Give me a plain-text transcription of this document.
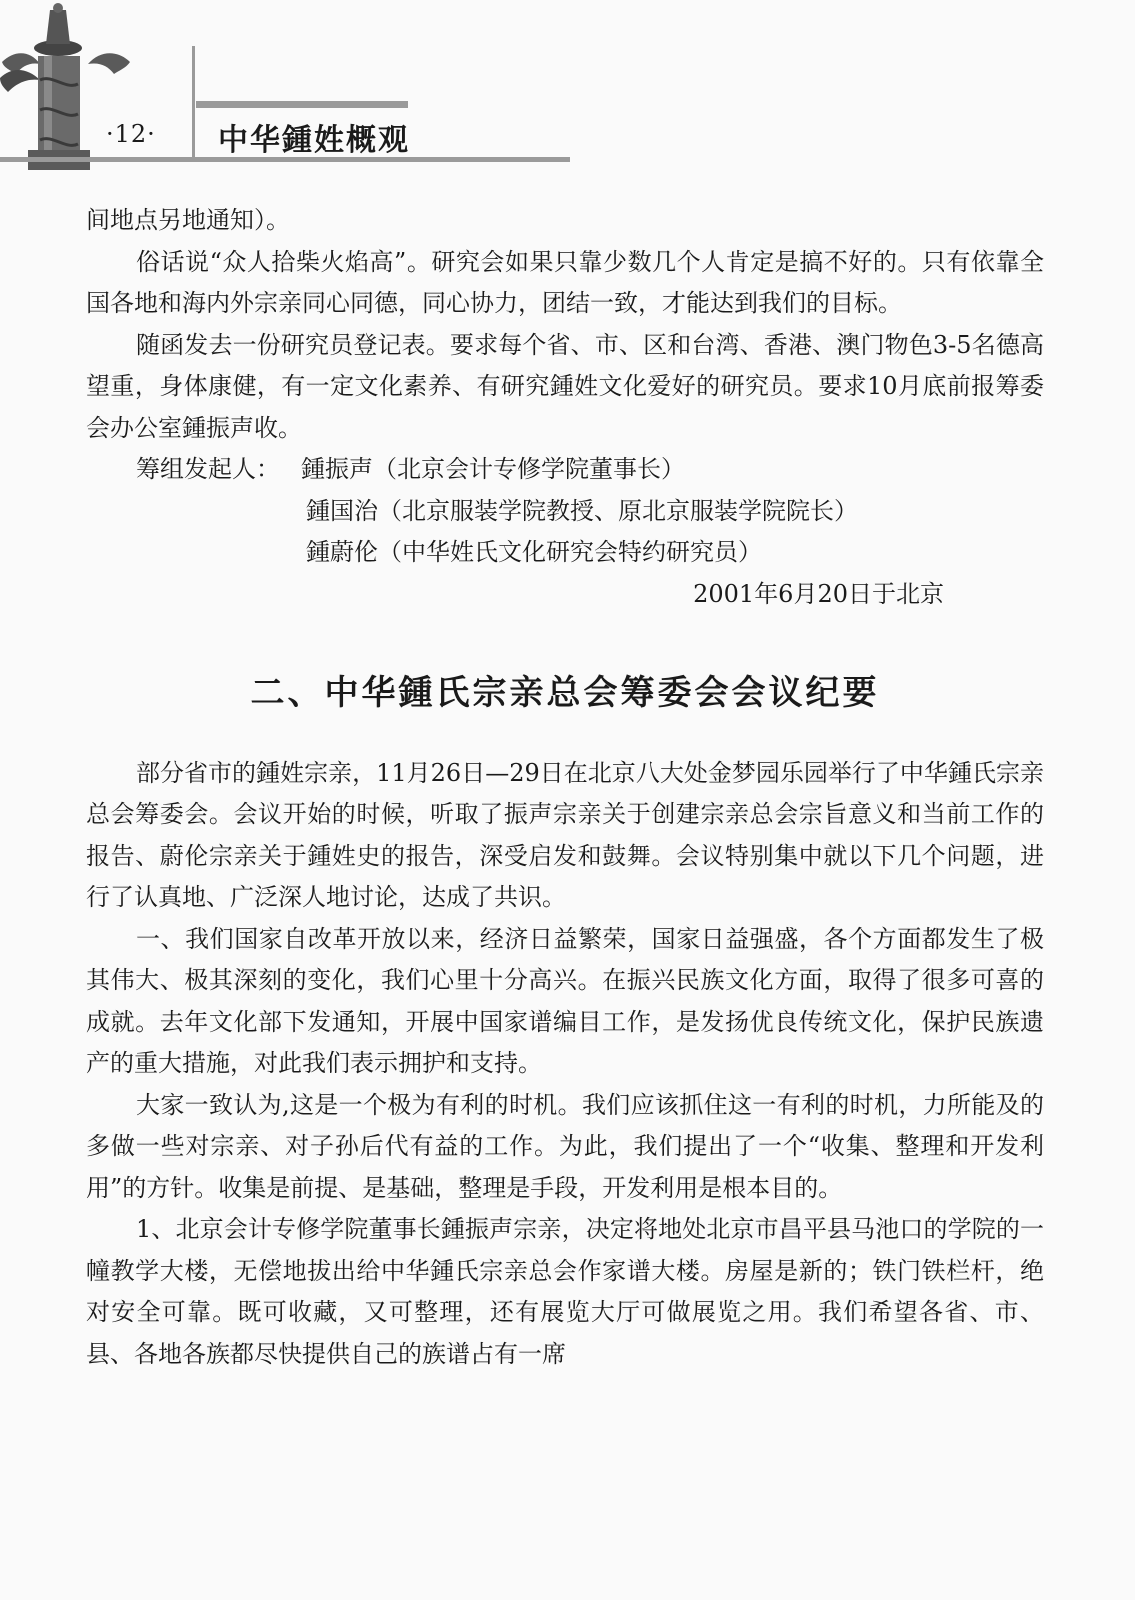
·12· 中华鍾姓概观

间地点另地通知）。

俗话说“众人拾柴火焰高”。研究会如果只靠少数几个人肯定是搞不好的。只有依靠全国各地和海内外宗亲同心同德，同心协力，团结一致，才能达到我们的目标。

随函发去一份研究员登记表。要求每个省、市、区和台湾、香港、澳门物色3-5名德高望重，身体康健，有一定文化素养、有研究鍾姓文化爱好的研究员。要求10月底前报筹委会办公室鍾振声收。

筹组发起人： 鍾振声（北京会计专修学院董事长）

鍾国治（北京服装学院教授、原北京服装学院院长）

鍾蔚伦（中华姓氏文化研究会特约研究员）

2001年6月20日于北京

二、中华鍾氏宗亲总会筹委会会议纪要

部分省市的鍾姓宗亲，11月26日—29日在北京八大处金梦园乐园举行了中华鍾氏宗亲总会筹委会。会议开始的时候，听取了振声宗亲关于创建宗亲总会宗旨意义和当前工作的报告、蔚伦宗亲关于鍾姓史的报告，深受启发和鼓舞。会议特别集中就以下几个问题，进行了认真地、广泛深人地讨论，达成了共识。

一、我们国家自改革开放以来，经济日益繁荣，国家日益强盛，各个方面都发生了极其伟大、极其深刻的变化，我们心里十分高兴。在振兴民族文化方面，取得了很多可喜的成就。去年文化部下发通知，开展中国家谱编目工作，是发扬优良传统文化，保护民族遗产的重大措施，对此我们表示拥护和支持。

大家一致认为,这是一个极为有利的时机。我们应该抓住这一有利的时机，力所能及的多做一些对宗亲、对子孙后代有益的工作。为此，我们提出了一个“收集、整理和开发利用”的方针。收集是前提、是基础，整理是手段，开发利用是根本目的。

1、北京会计专修学院董事长鍾振声宗亲，决定将地处北京市昌平县马池口的学院的一幢教学大楼，无偿地拔出给中华鍾氏宗亲总会作家谱大楼。房屋是新的；铁门铁栏杆，绝对安全可靠。既可收藏，又可整理，还有展览大厅可做展览之用。我们希望各省、市、县、各地各族都尽快提供自己的族谱占有一席
